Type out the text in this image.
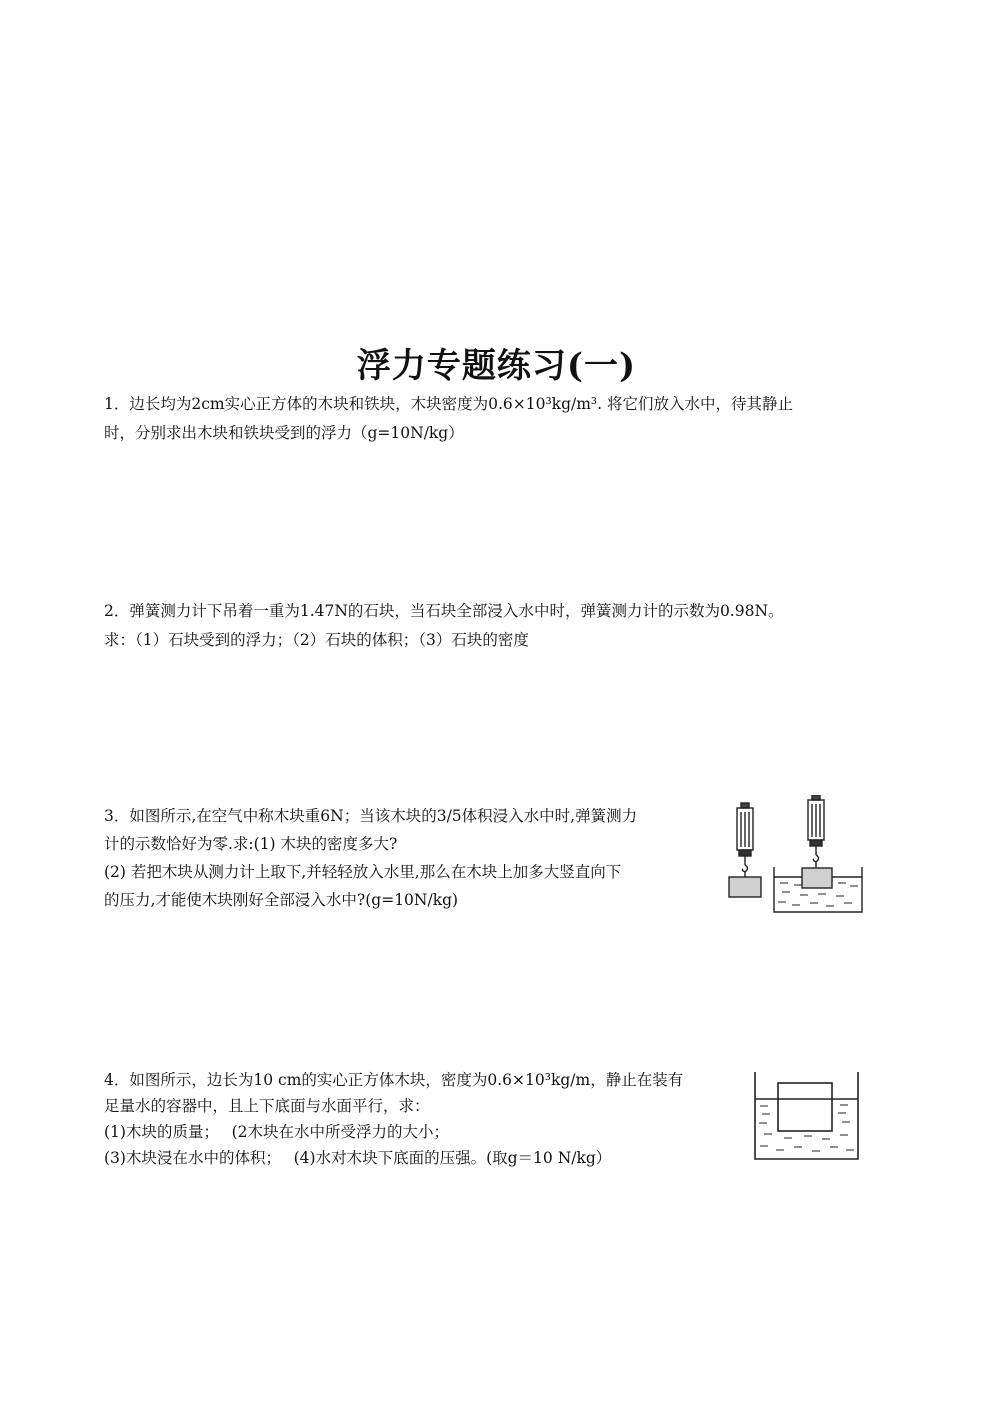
浮力专题练习(一)

1．边长均为2cm实心正方体的木块和铁块，木块密度为0.6×10³kg/m³. 将它们放入水中，待其静止

时，分别求出木块和铁块受到的浮力（g=10N/kg）

2．弹簧测力计下吊着一重为1.47N的石块，当石块全部浸入水中时，弹簧测力计的示数为0.98N。

求：（1）石块受到的浮力；（2）石块的体积；（3）石块的密度

3．如图所示,在空气中称木块重6N；当该木块的3/5体积浸入水中时,弹簧测力

计的示数恰好为零.求:(1) 木块的密度多大?

(2) 若把木块从测力计上取下,并轻轻放入水里,那么在木块上加多大竖直向下

的压力,才能使木块刚好全部浸入水中?(g=10N/kg)

4．如图所示，边长为10 cm的实心正方体木块，密度为0.6×10³kg/m，静止在装有

足量水的容器中，且上下底面与水面平行，求：

(1)木块的质量；　 (2木块在水中所受浮力的大小；

(3)木块浸在水中的体积；　 (4)水对木块下底面的压强。(取g＝10 N/kg）
